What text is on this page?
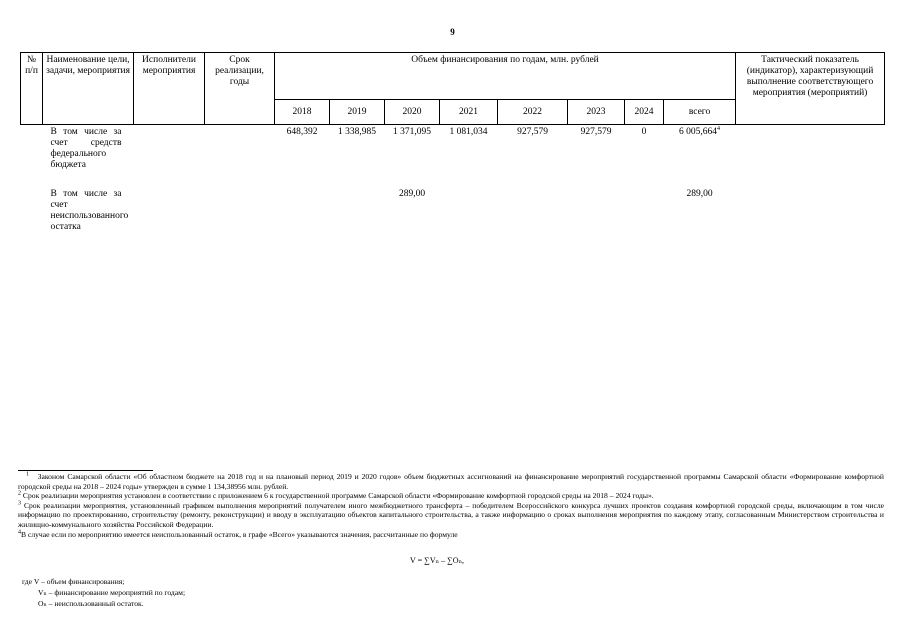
9
№ п/п	Наименование цели, задачи, мероприятия	Исполнители мероприятия	Срок реализации, годы	Объем финансирования по годам, млн. рублей								Тактический показатель (индикатор), характеризующий выполнение соответствующего мероприятия (мероприятий)
				2018	2019	2020	2021	2022	2023	2024	всего	
	В том числе за счет средств федерального бюджета			648,392	1 338,985	1 371,095	1 081,034	927,579	927,579	0	6 005,664$^4$	
	В том числе за счет неиспользованного остатка					289,00					289,00	

$^1$ Законом Самарской области «Об областном бюджете на 2018 год и на плановый период 2019 и 2020 годов» объем бюджетных ассигнований на финансирование мероприятий государственной программы Самарской области «Формирование комфортной городской среды на 2018 – 2024 годы» утвержден в сумме 1 134,38956 млн. рублей.

$^2$ Срок реализации мероприятия установлен в соответствии с приложением 6 к государственной программе Самарской области «Формирование комфортной городской среды на 2018 – 2024 годы».

$^3$ Срок реализации мероприятия, установленный графиком выполнения мероприятий получателем иного межбюджетного трансферта – победителем Всероссийского конкурса лучших проектов создания комфортной городской среды, включающим в том числе информацию по проектированию, строительству (ремонту, реконструкции) и вводу в эксплуатацию объектов капитального строительства, а также информацию о сроках выполнения мероприятия по каждому этапу, согласованным Министерством строительства и жилищно-коммунального хозяйства Российской Федерации.

$^4$В случае если по мероприятию имеется неиспользованный остаток, в графе «Всего» указываются значения, рассчитанные по формуле

V = ∑Vₙ – ∑Oₙ,
где V – объем финансирования;
Vₙ – финансирование мероприятий по годам;
Oₙ – неиспользованный остаток.
